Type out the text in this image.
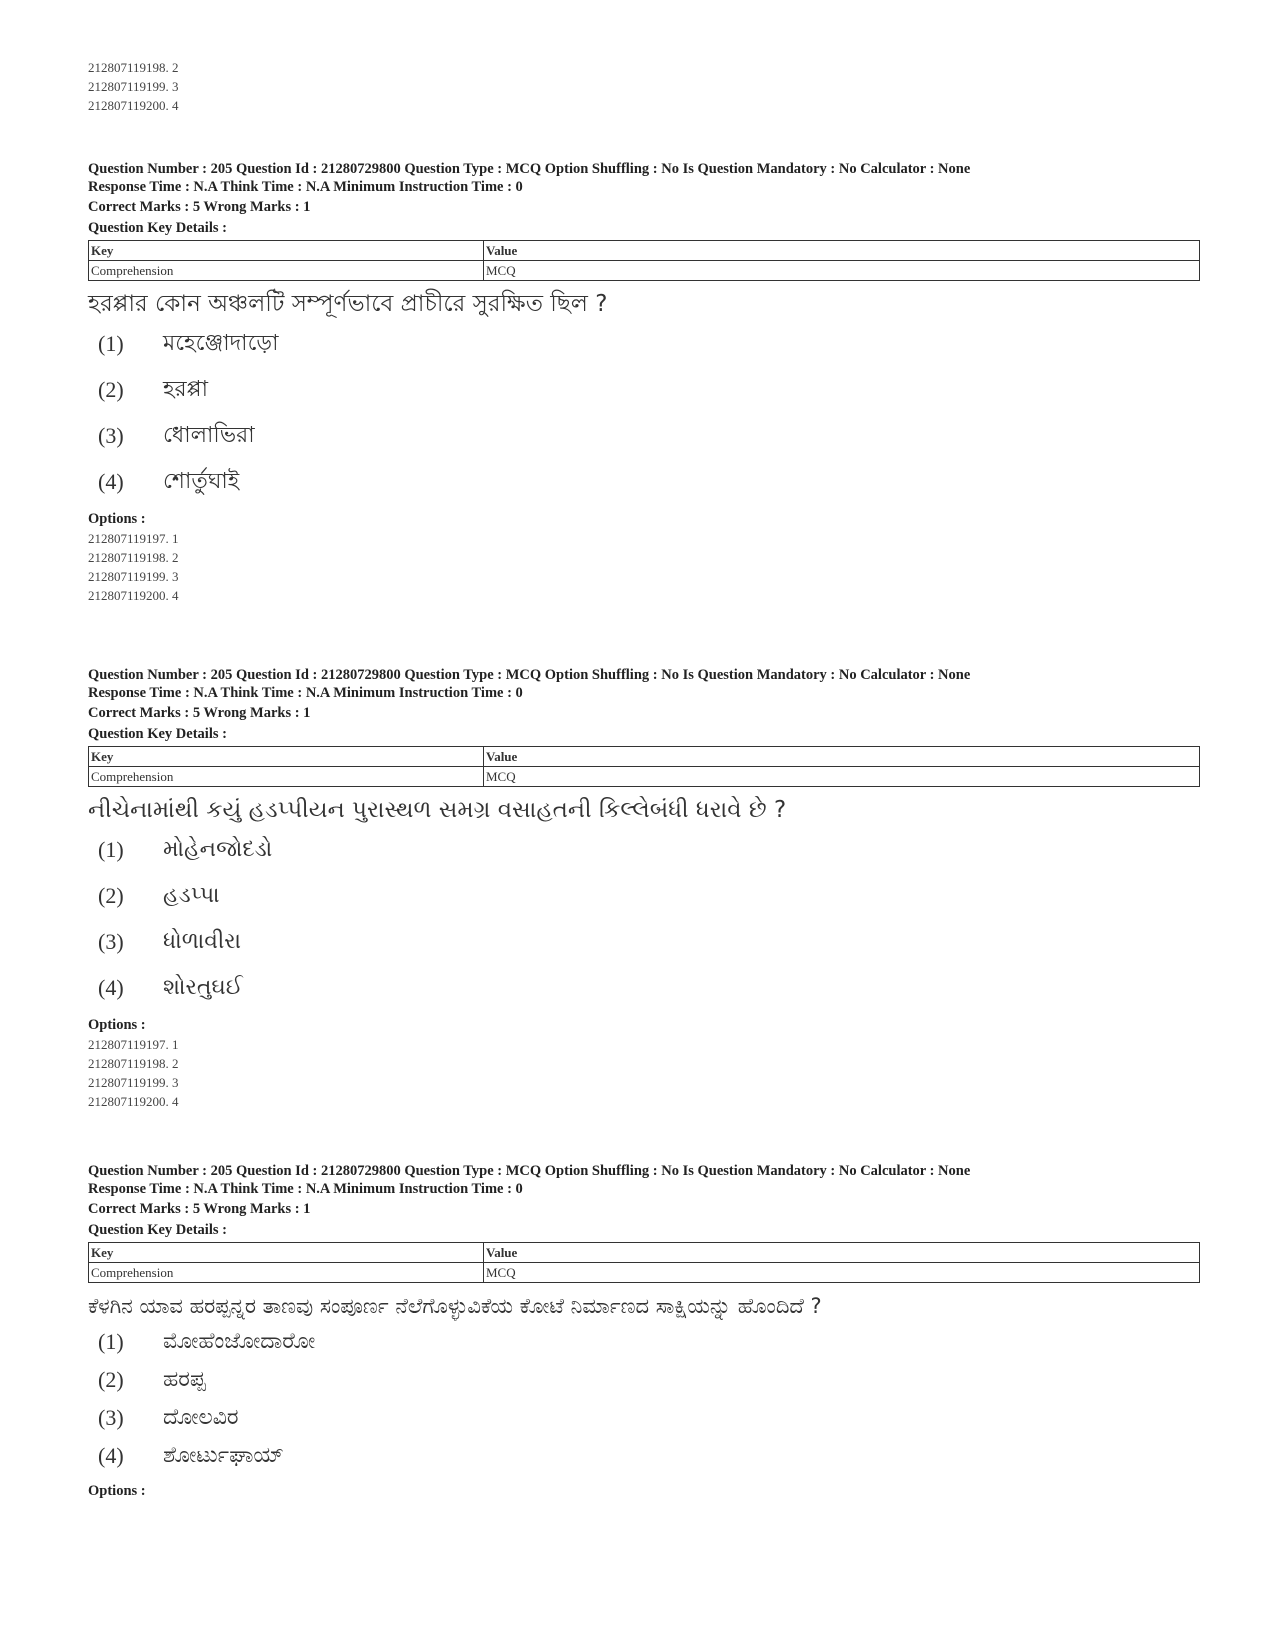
212807119198. 2
212807119199. 3
212807119200. 4
Question Number : 205 Question Id : 21280729800 Question Type : MCQ Option Shuffling : No Is Question Mandatory : No Calculator : None
Response Time : N.A Think Time : N.A Minimum Instruction Time : 0
Correct Marks : 5 Wrong Marks : 1
Question Key Details :
Key	Value
Comprehension	MCQ
হরপ্পার কোন অঞ্চলটি সম্পূর্ণভাবে প্রাচীরে সুরক্ষিত ছিল ?
(1)	মহেঞ্জোদাড়ো
(2)	হরপ্পা
(3)	ধোলাভিরা
(4)	শোর্তুঘাই
Options :
212807119197. 1
212807119198. 2
212807119199. 3
212807119200. 4
Question Number : 205 Question Id : 21280729800 Question Type : MCQ Option Shuffling : No Is Question Mandatory : No Calculator : None
Response Time : N.A Think Time : N.A Minimum Instruction Time : 0
Correct Marks : 5 Wrong Marks : 1
Question Key Details :
Key	Value
Comprehension	MCQ
નીચેનામાંથી કયું હડપ્પીયન પુરાસ્થળ સમગ્ર વસાહતની કિલ્લેબંધી ધરાવે છે ?
(1)	મોહેનજોદડો
(2)	હડપ્પા
(3)	ધોળાવીરા
(4)	શોરતુઘઈ
Options :
212807119197. 1
212807119198. 2
212807119199. 3
212807119200. 4
Question Number : 205 Question Id : 21280729800 Question Type : MCQ Option Shuffling : No Is Question Mandatory : No Calculator : None
Response Time : N.A Think Time : N.A Minimum Instruction Time : 0
Correct Marks : 5 Wrong Marks : 1
Question Key Details :
Key	Value
Comprehension	MCQ
ಕೆಳಗಿನ ಯಾವ ಹರಪ್ಪನ್ನರ ತಾಣವು ಸಂಪೂರ್ಣ ನೆಲೆಗೊಳ್ಳುವಿಕೆಯ ಕೋಟೆ ನಿರ್ಮಾಣದ ಸಾಕ್ಷಿಯನ್ನು ಹೊಂದಿದೆ ?
(1)	ಮೋಹೆಂಜೋದಾರೋ
(2)	ಹರಪ್ಪ
(3)	ದೋಲವಿರ
(4)	ಶೋರ್ಟುಘಾಯ್
Options :
